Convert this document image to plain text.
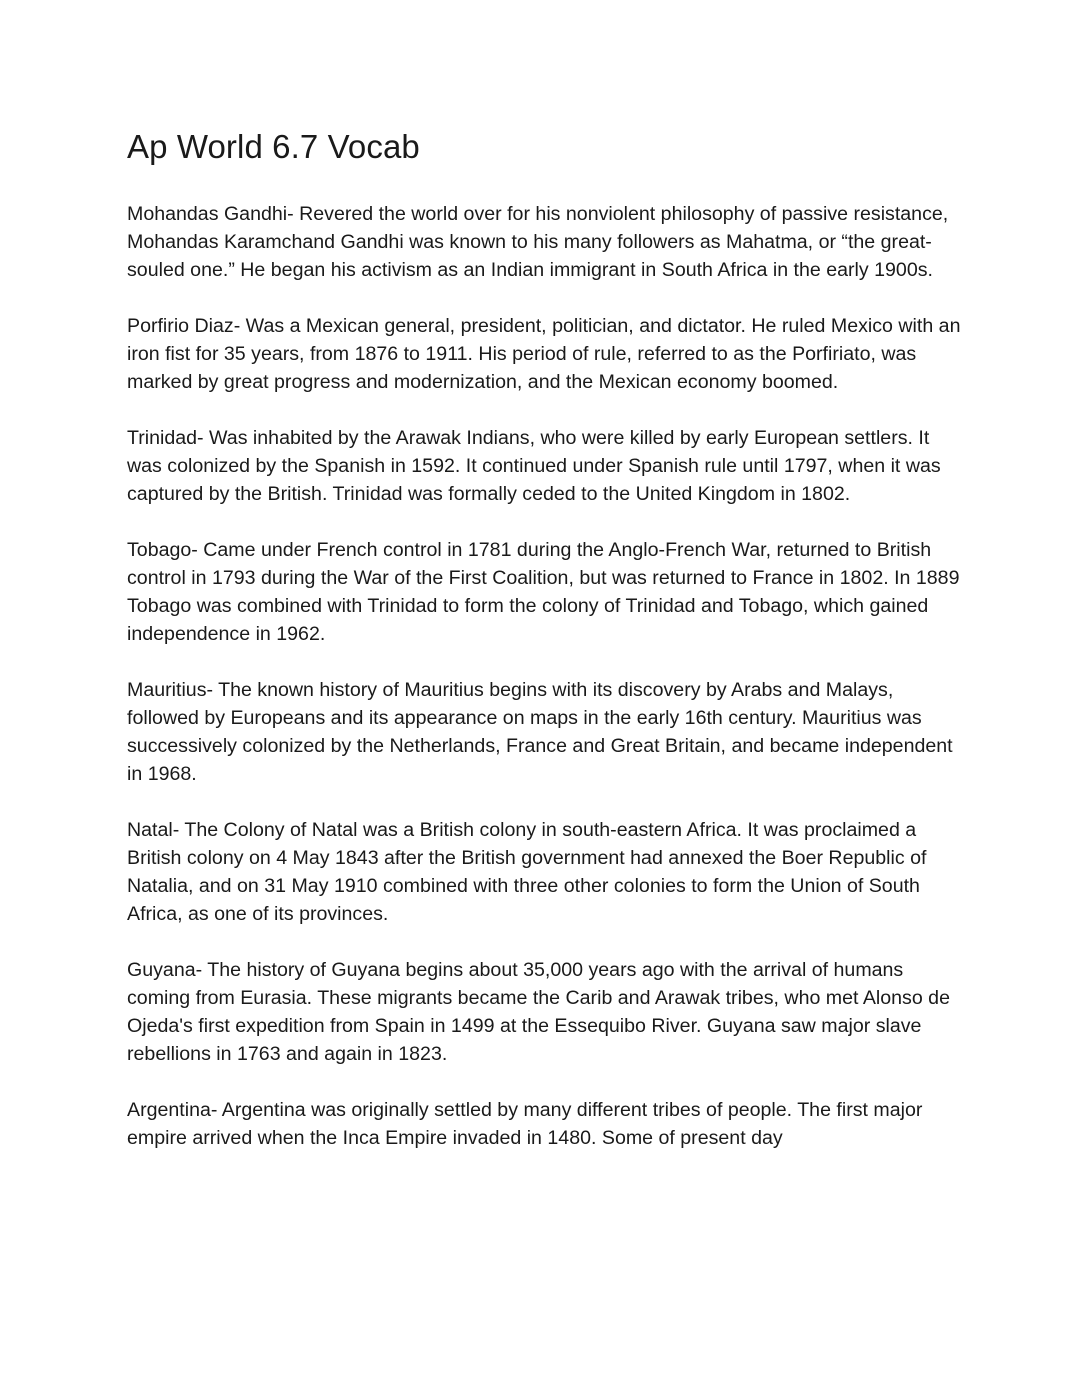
Ap World 6.7 Vocab

Mohandas Gandhi- Revered the world over for his nonviolent philosophy of passive resistance, Mohandas Karamchand Gandhi was known to his many followers as Mahatma, or “the great-souled one.” He began his activism as an Indian immigrant in South Africa in the early 1900s.

Porfirio Diaz- Was a Mexican general, president, politician, and dictator. He ruled Mexico with an iron fist for 35 years, from 1876 to 1911. His period of rule, referred to as the Porfiriato, was marked by great progress and modernization, and the Mexican economy boomed.

Trinidad- Was inhabited by the Arawak Indians, who were killed by early European settlers. It was colonized by the Spanish in 1592. It continued under Spanish rule until 1797, when it was captured by the British. Trinidad was formally ceded to the United Kingdom in 1802.

Tobago- Came under French control in 1781 during the Anglo-French War, returned to British control in 1793 during the War of the First Coalition, but was returned to France in 1802. In 1889 Tobago was combined with Trinidad to form the colony of Trinidad and Tobago, which gained independence in 1962.

Mauritius- The known history of Mauritius begins with its discovery by Arabs and Malays, followed by Europeans and its appearance on maps in the early 16th century. Mauritius was successively colonized by the Netherlands, France and Great Britain, and became independent in 1968.

Natal- The Colony of Natal was a British colony in south-eastern Africa. It was proclaimed a British colony on 4 May 1843 after the British government had annexed the Boer Republic of Natalia, and on 31 May 1910 combined with three other colonies to form the Union of South Africa, as one of its provinces.

Guyana- The history of Guyana begins about 35,000 years ago with the arrival of humans coming from Eurasia. These migrants became the Carib and Arawak tribes, who met Alonso de Ojeda's first expedition from Spain in 1499 at the Essequibo River. Guyana saw major slave rebellions in 1763 and again in 1823.

Argentina- Argentina was originally settled by many different tribes of people. The first major empire arrived when the Inca Empire invaded in 1480. Some of present day
